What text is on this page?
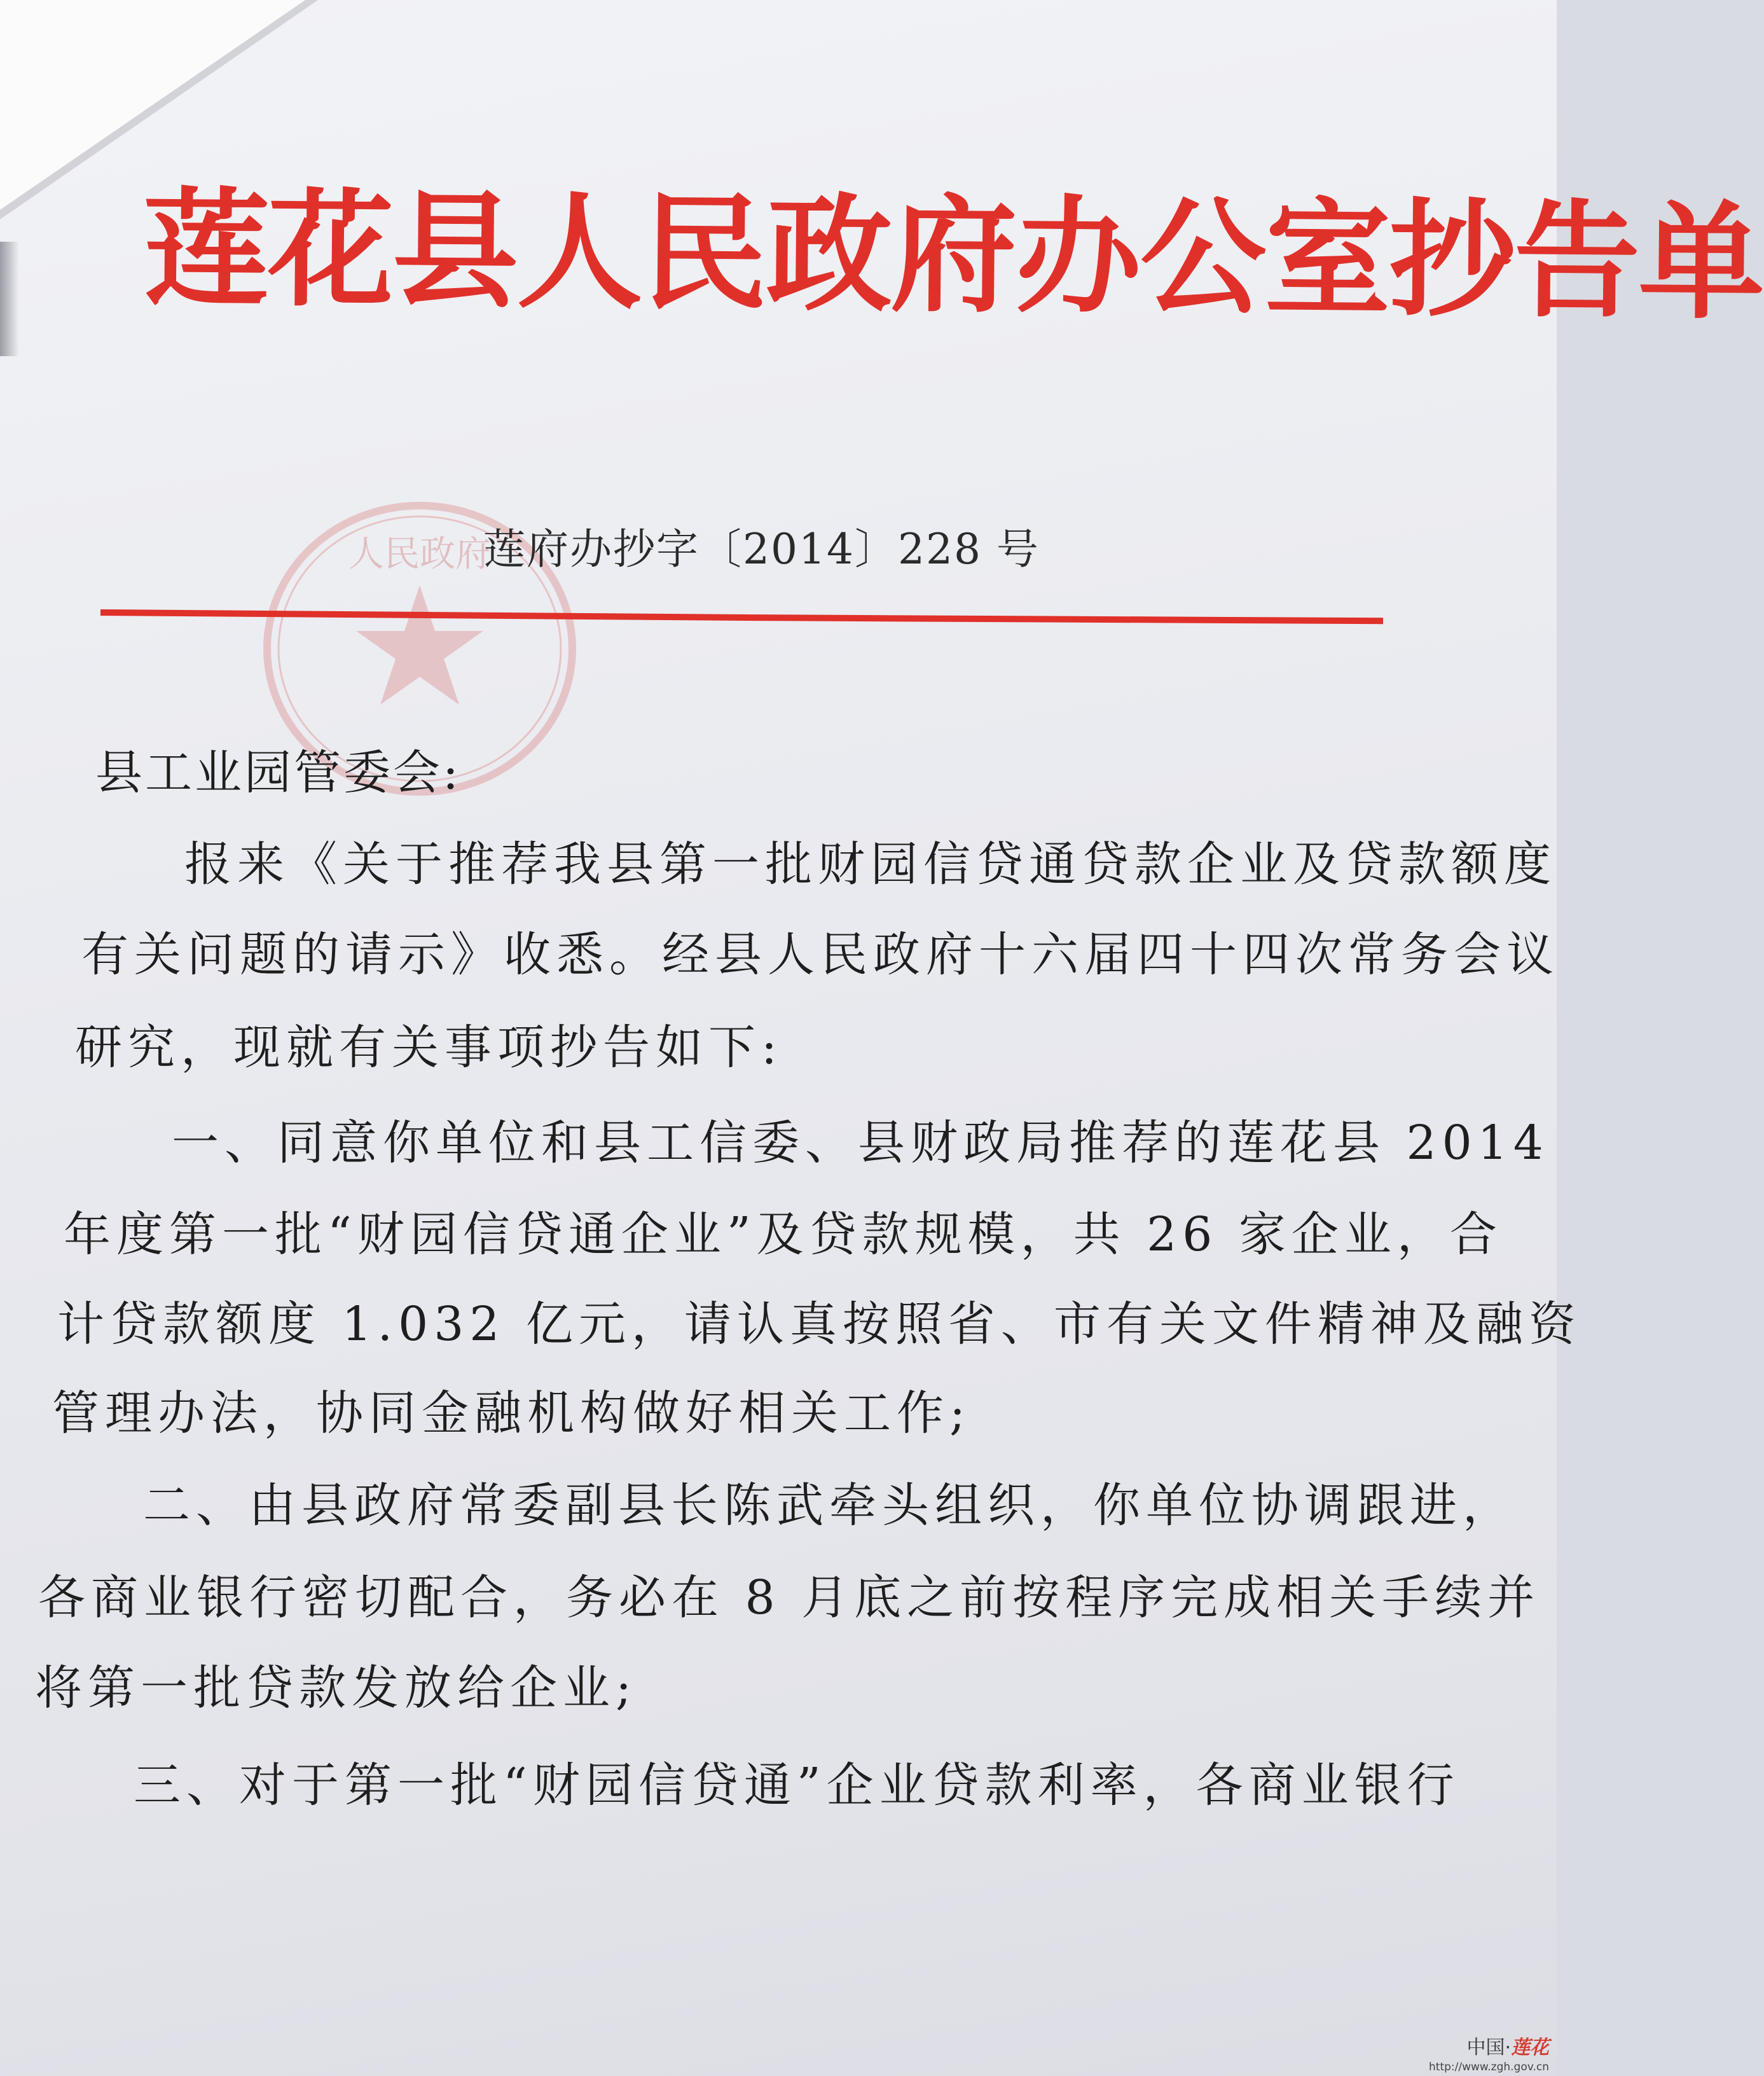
人民政府
莲花县人民政府办公室抄告单
莲府办抄字〔2014〕228 号
县工业园管委会:
报来《关于推荐我县第一批财园信贷通贷款企业及贷款额度
有关问题的请示》收悉。经县人民政府十六届四十四次常务会议
研究，现就有关事项抄告如下:
一、同意你单位和县工信委、县财政局推荐的莲花县 2014
年度第一批“财园信贷通企业”及贷款规模，共 26 家企业，合
计贷款额度 1.032 亿元，请认真按照省、市有关文件精神及融资
管理办法，协同金融机构做好相关工作;
二、由县政府常委副县长陈武牵头组织，你单位协调跟进，
各商业银行密切配合，务必在 8 月底之前按程序完成相关手续并
将第一批贷款发放给企业;
三、对于第一批“财园信贷通”企业贷款利率，各商业银行
中国·莲花
http://www.zgh.gov.cn
